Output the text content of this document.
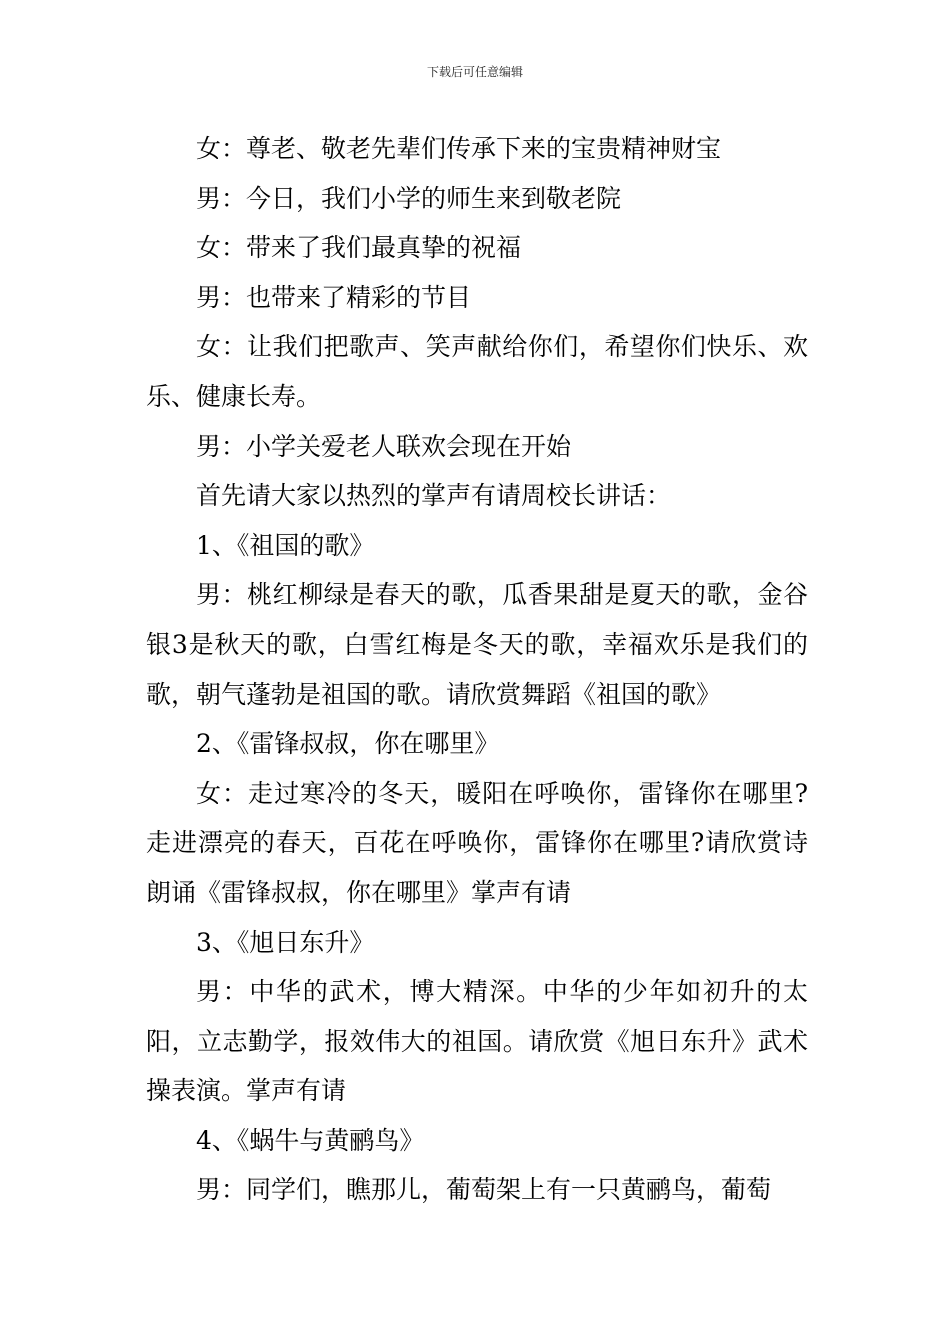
下载后可任意编辑

女：尊老、敬老先辈们传承下来的宝贵精神财宝

男：今日，我们小学的师生来到敬老院

女：带来了我们最真挚的祝福

男：也带来了精彩的节目

女：让我们把歌声、笑声献给你们，希望你们快乐、欢乐、健康长寿。

男：小学关爱老人联欢会现在开始

首先请大家以热烈的掌声有请周校长讲话：

1、《祖国的歌》

男：桃红柳绿是春天的歌，瓜香果甜是夏天的歌，金谷银3是秋天的歌，白雪红梅是冬天的歌，幸福欢乐是我们的歌，朝气蓬勃是祖国的歌。请欣赏舞蹈《祖国的歌》

2、《雷锋叔叔，你在哪里》

女：走过寒冷的冬天，暖阳在呼唤你，雷锋你在哪里?走进漂亮的春天，百花在呼唤你，雷锋你在哪里?请欣赏诗朗诵《雷锋叔叔，你在哪里》掌声有请

3、《旭日东升》

男：中华的武术，博大精深。中华的少年如初升的太阳，立志勤学，报效伟大的祖国。请欣赏《旭日东升》武术操表演。掌声有请

4、《蜗牛与黄鹂鸟》

男：同学们，瞧那儿，葡萄架上有一只黄鹂鸟，葡萄
